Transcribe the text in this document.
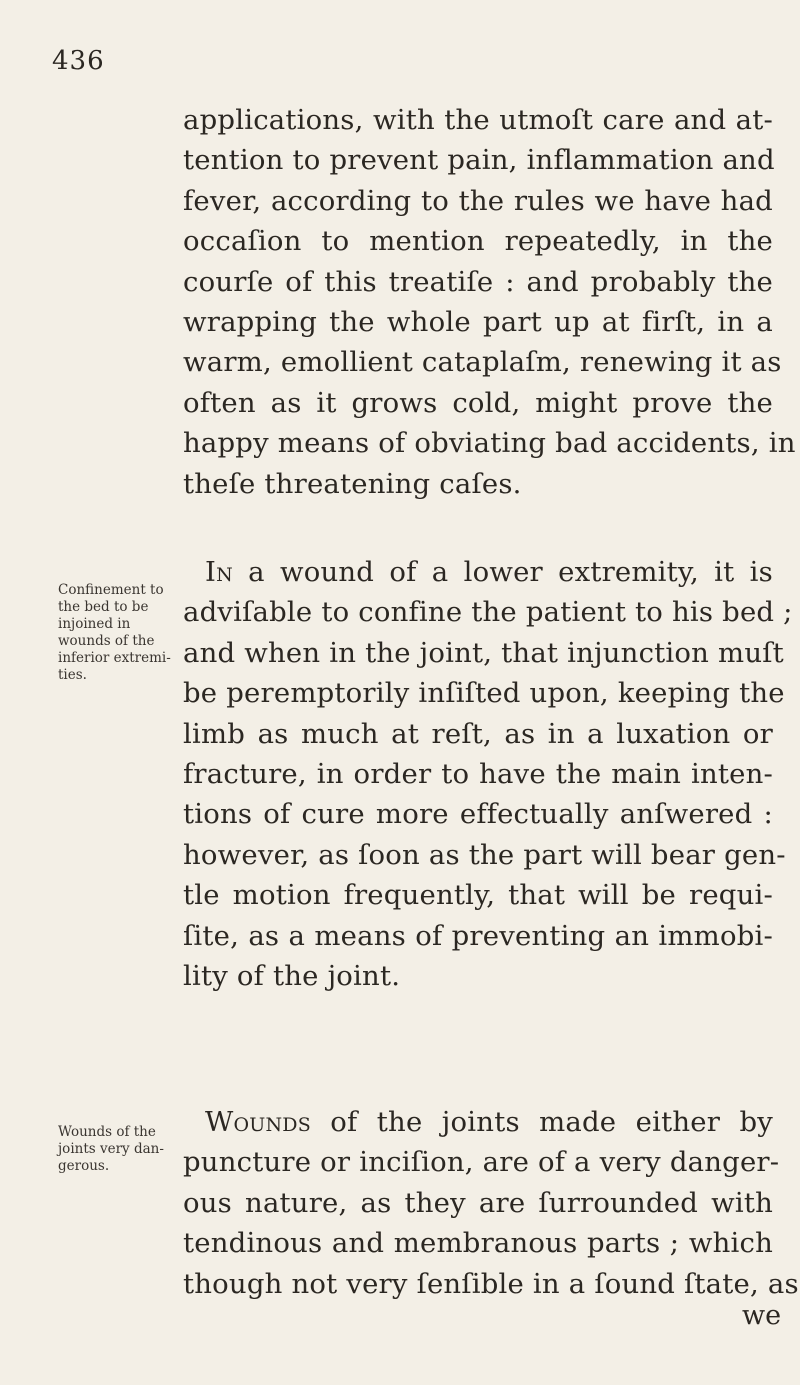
436
applications, with the utmoſt care and at-
tention to prevent pain, inflammation and
fever, according to the rules we have had
occaſion to mention repeatedly, in the
courſe of this treatiſe : and probably the
wrapping the whole part up at firſt, in a
warm, emollient cataplaſm, renewing it as
often as it grows cold, might prove the
happy means of obviating bad accidents, in
theſe threatening caſes.
In a wound of a lower extremity, it is
adviſable to confine the patient to his bed ;
and when in the joint, that injunction muſt
be peremptorily inſiſted upon, keeping the
limb as much at reſt, as in a luxation or
fracture, in order to have the main inten-
tions of cure more effectually anſwered :
however, as ſoon as the part will bear gen-
tle motion frequently, that will be requi-
ſite, as a means of preventing an immobi-
lity of the joint.
Wounds of the joints made either by
puncture or inciſion, are of a very danger-
ous nature, as they are ſurrounded with
tendinous and membranous parts ; which
though not very ſenſible in a ſound ſtate, as
we
Confinement to
the bed to be
injoined in
wounds of the
inferior extremi-
ties.
Wounds of the
joints very dan-
gerous.
